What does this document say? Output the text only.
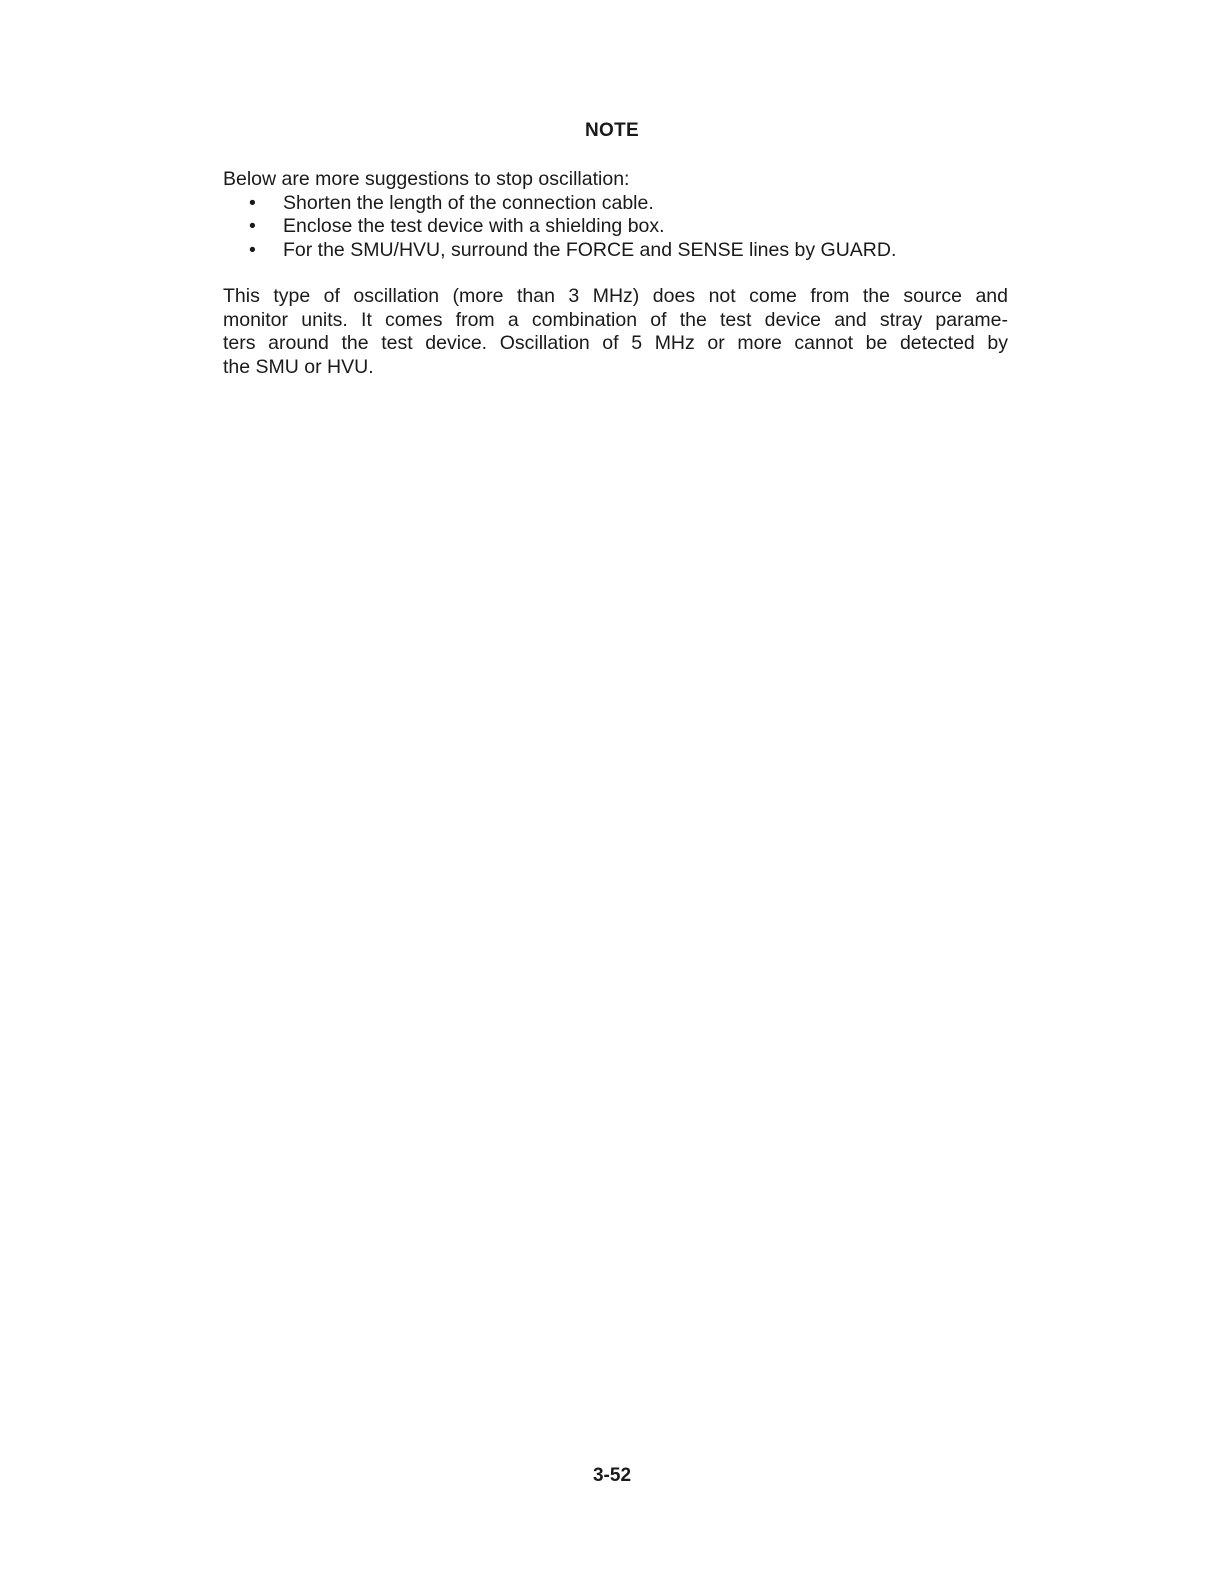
NOTE

Below are more suggestions to stop oscillation:

• Shorten the length of the connection cable.
• Enclose the test device with a shielding box.
• For the SMU/HVU, surround the FORCE and SENSE lines by GUARD.

This type of oscillation (more than 3 MHz) does not come from the source and
monitor units. It comes from a combination of the test device and stray parame-
ters around the test device. Oscillation of 5 MHz or more cannot be detected by
the SMU or HVU.

3-52
